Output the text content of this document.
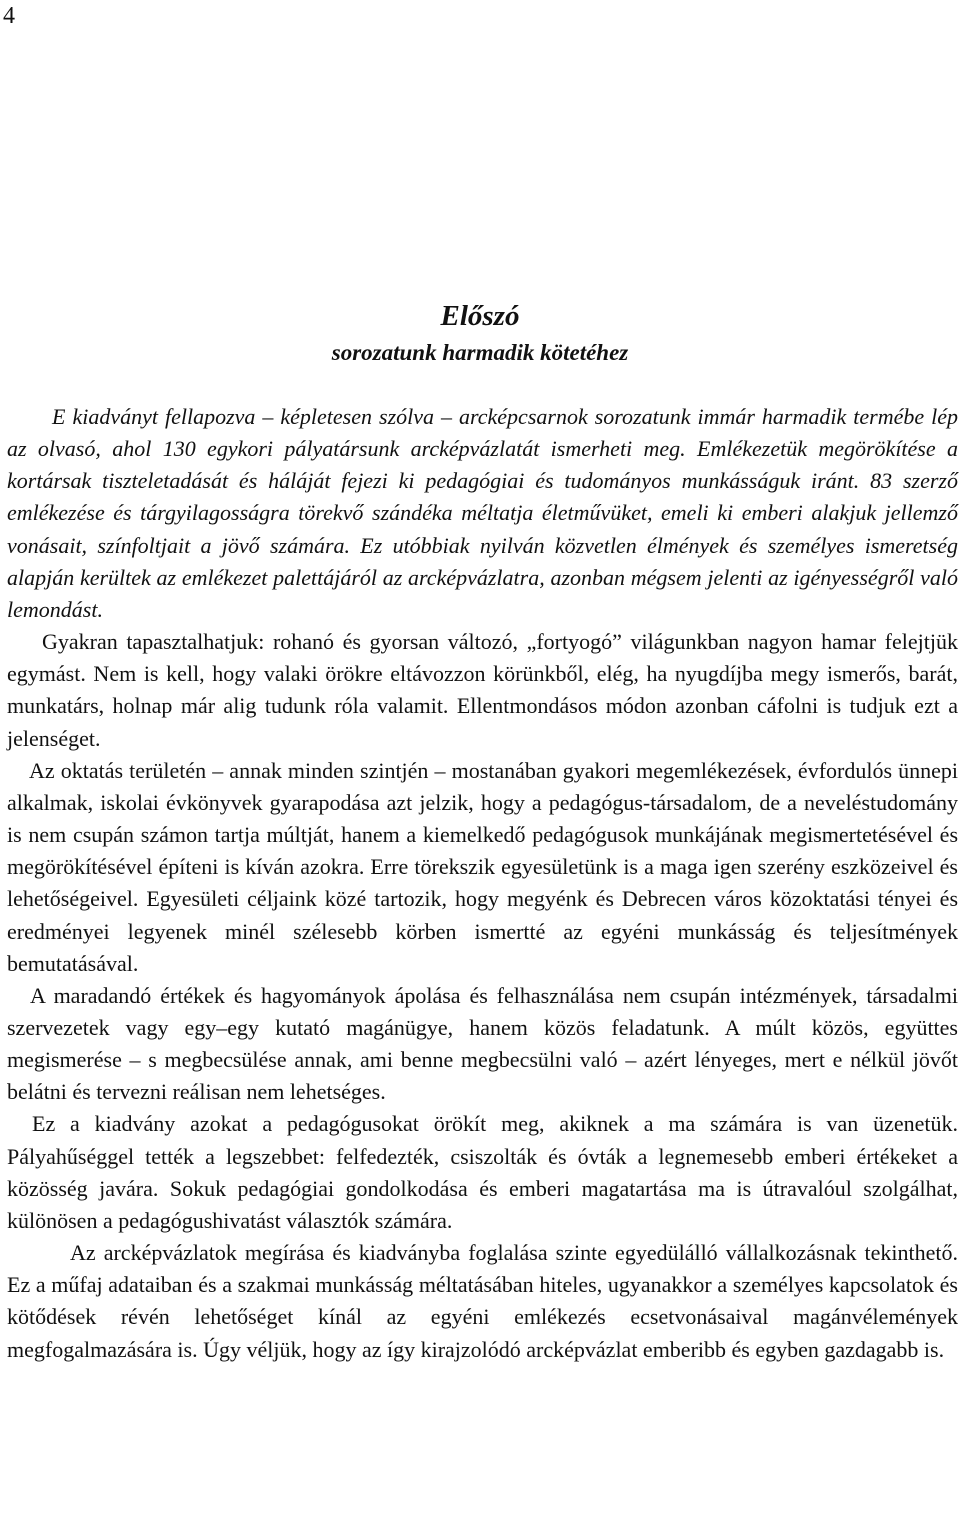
4
Előszó
sorozatunk harmadik kötetéhez

E kiadványt fellapozva – képletesen szólva – arcképcsarnok sorozatunk immár harmadik termébe lép az olvasó, ahol 130 egykori pályatársunk arcképvázlatát ismerheti meg. Emlékezetük megörökítése a kortársak tiszteletadását és háláját fejezi ki pedagógiai és tudományos munkásságuk iránt. 83 szerző emlékezése és tárgyilagosságra törekvő szándéka méltatja életművüket, emeli ki emberi alakjuk jellemző vonásait, színfoltjait a jövő számára. Ez utóbbiak nyilván közvetlen élmények és személyes ismeretség alapján kerültek az emlékezet palettájáról az arcképvázlatra, azonban mégsem jelenti az igényességről való lemondást.

Gyakran tapasztalhatjuk: rohanó és gyorsan változó, „fortyogó” világunkban nagyon hamar felejtjük egymást. Nem is kell, hogy valaki örökre eltávozzon körünkből, elég, ha nyugdíjba megy ismerős, barát, munkatárs, holnap már alig tudunk róla valamit. Ellentmondásos módon azonban cáfolni is tudjuk ezt a jelenséget.

Az oktatás területén – annak minden szintjén – mostanában gyakori megemlékezések, évfordulós ünnepi alkalmak, iskolai évkönyvek gyarapodása azt jelzik, hogy a pedagógus-társadalom, de a neveléstudomány is nem csupán számon tartja múltját, hanem a kiemelkedő pedagógusok munkájának megismertetésével és megörökítésével építeni is kíván azokra. Erre törekszik egyesületünk is a maga igen szerény eszközeivel és lehetőségeivel. Egyesületi céljaink közé tartozik, hogy megyénk és Debrecen város közoktatási tényei és eredményei legyenek minél szélesebb körben ismertté az egyéni munkásság és teljesítmények bemutatásával.

A maradandó értékek és hagyományok ápolása és felhasználása nem csupán intézmények, társadalmi szervezetek vagy egy–egy kutató magánügye, hanem közös feladatunk. A múlt közös, együttes megismerése – s megbecsülése annak, ami benne megbecsülni való – azért lényeges, mert e nélkül jövőt belátni és tervezni reálisan nem lehetséges.

Ez a kiadvány azokat a pedagógusokat örökít meg, akiknek a ma számára is van üzenetük. Pályahűséggel tették a legszebbet: felfedezték, csiszolták és óvták a legnemesebb emberi értékeket a közösség javára. Sokuk pedagógiai gondolkodása és emberi magatartása ma is útravalóul szolgálhat, különösen a pedagógushivatást választók számára.

Az arcképvázlatok megírása és kiadványba foglalása szinte egyedülálló vállalkozásnak tekinthető. Ez a műfaj adataiban és a szakmai munkásság méltatásában hiteles, ugyanakkor a személyes kapcsolatok és kötődések révén lehetőséget kínál az egyéni emlékezés ecsetvonásaival magánvélemények megfogalmazására is. Úgy véljük, hogy az így kirajzolódó arcképvázlat emberibb és egyben gazdagabb is.
